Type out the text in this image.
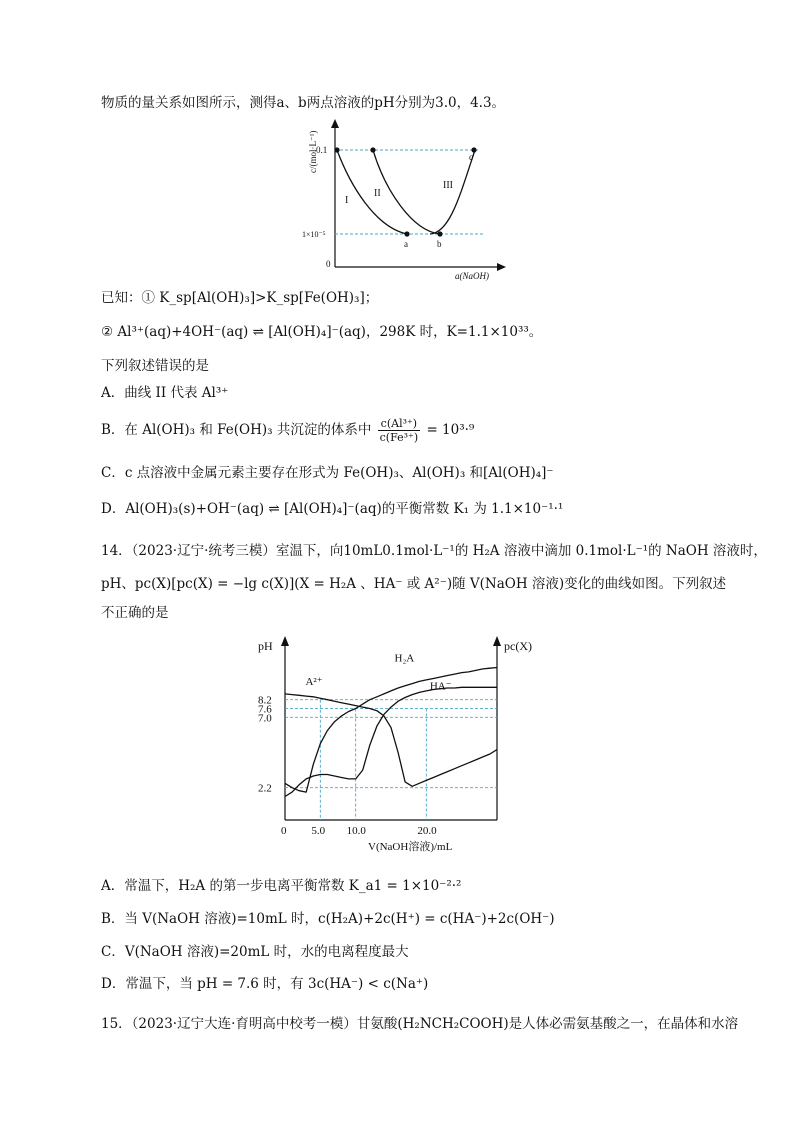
物质的量关系如图所示，测得a、b两点溶液的pH分别为3.0，4.3。
c/(mol·L⁻¹)
0.1
1×10⁻⁵
0
a(NaOH)
I
II
III
a	b
c
已知：① K_sp[Al(OH)₃]>K_sp[Fe(OH)₃]；
② Al³⁺(aq)+4OH⁻(aq) ⇌ [Al(OH)₄]⁻(aq)，298K 时，K=1.1×10³³。
下列叙述错误的是
A．曲线 II 代表 Al³⁺
B．在 Al(OH)₃ 和 Fe(OH)₃ 共沉淀的体系中 $\frac{\text{c(Al³⁺)}}{\text{c(Fe³⁺)}} = 10^3\cdot^9$
C．c 点溶液中金属元素主要存在形式为 Fe(OH)₃、Al(OH)₃ 和[Al(OH)₄]⁻
D．Al(OH)₃(s)+OH⁻(aq) ⇌ [Al(OH)₄]⁻(aq)的平衡常数 K₁ 为 1.1×10⁻¹·¹
14．（2023·辽宁·统考三模）室温下，向10mL0.1mol·L⁻¹的 H₂A 溶液中滴加 0.1mol·L⁻¹的 NaOH 溶液时，
pH、pc(X)[pc(X) = −lg c(X)](X = H₂A 、HA⁻ 或 A²⁻)随 V(NaOH 溶液)变化的曲线如图。下列叙述
不正确的是
pH	pc(X)
V(NaOH溶液)/mL
2.2
7.0
7.6
8.2
0 5.0 10.0	20.0
A²⁺
H₂A
HA⁻
A．常温下，H₂A 的第一步电离平衡常数 K_a1 = 1×10⁻²·²
B．当 V(NaOH 溶液)=10mL 时，c(H₂A)+2c(H⁺) = c(HA⁻)+2c(OH⁻)
C．V(NaOH 溶液)=20mL 时，水的电离程度最大
D．常温下，当 pH = 7.6 时，有 3c(HA⁻) < c(Na⁺)
15．（2023·辽宁大连·育明高中校考一模）甘氨酸(H₂NCH₂COOH)是人体必需氨基酸之一，在晶体和水溶
